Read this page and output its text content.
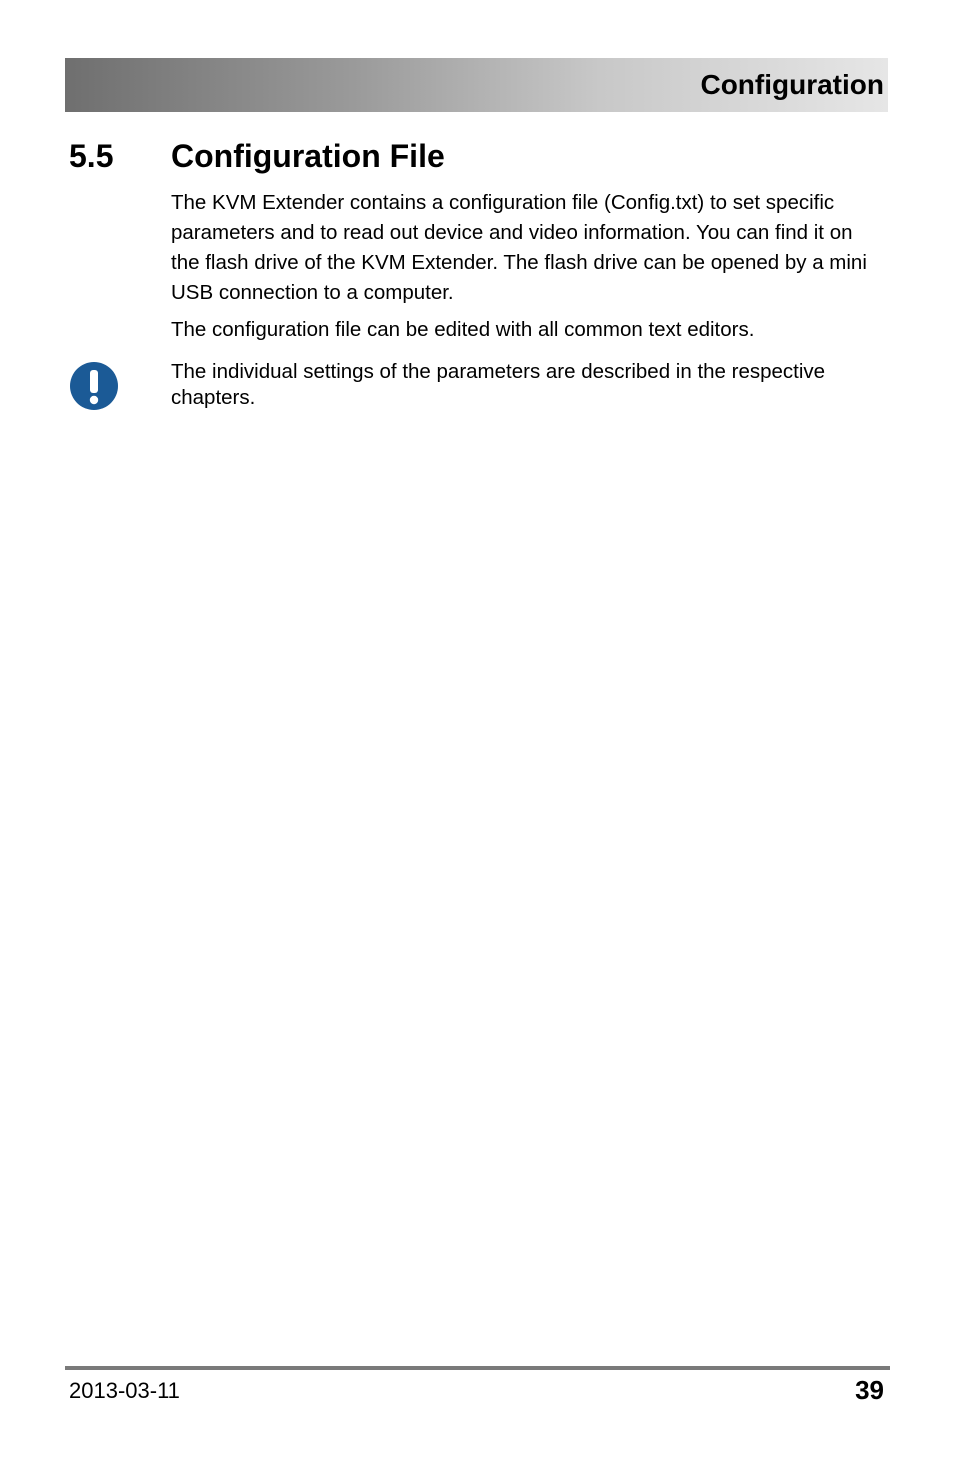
Configuration
5.5 Configuration File
The KVM Extender contains a configuration file (Config.txt) to set specific parameters and to read out device and video information. You can find it on the flash drive of the KVM Extender. The flash drive can be opened by a mini USB connection to a computer.
The configuration file can be edited with all common text editors.
The individual settings of the parameters are described in the respective chapters.
2013-03-11	39
